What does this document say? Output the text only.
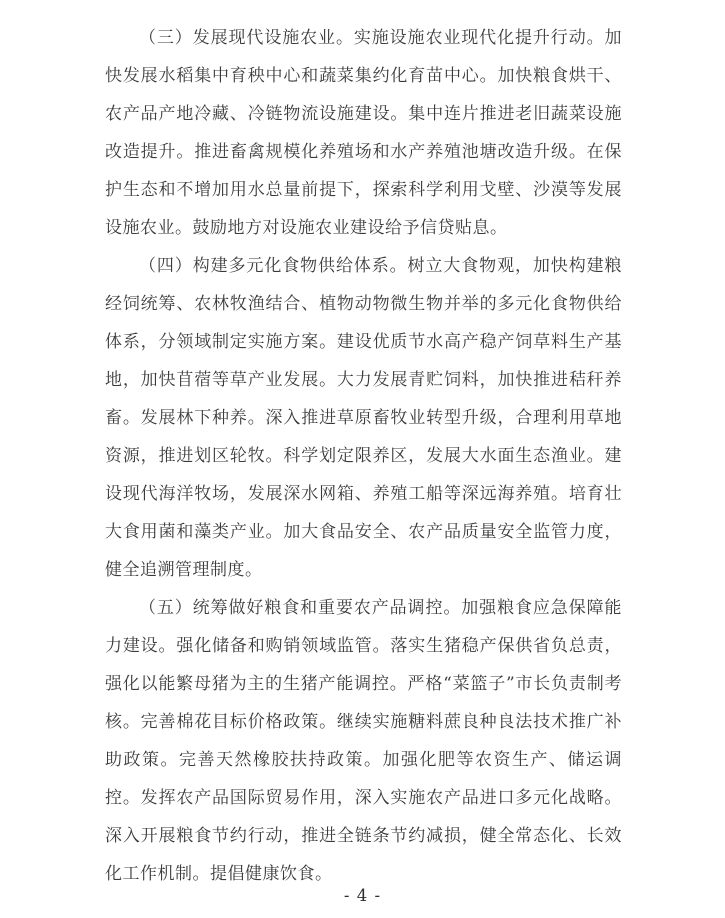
（三）发展现代设施农业。实施设施农业现代化提升行动。加快发展水稻集中育秧中心和蔬菜集约化育苗中心。加快粮食烘干、农产品产地冷藏、冷链物流设施建设。集中连片推进老旧蔬菜设施改造提升。推进畜禽规模化养殖场和水产养殖池塘改造升级。在保护生态和不增加用水总量前提下，探索科学利用戈壁、沙漠等发展设施农业。鼓励地方对设施农业建设给予信贷贴息。

（四）构建多元化食物供给体系。树立大食物观，加快构建粮经饲统筹、农林牧渔结合、植物动物微生物并举的多元化食物供给体系，分领域制定实施方案。建设优质节水高产稳产饲草料生产基地，加快苜蓿等草产业发展。大力发展青贮饲料，加快推进秸秆养畜。发展林下种养。深入推进草原畜牧业转型升级，合理利用草地资源，推进划区轮牧。科学划定限养区，发展大水面生态渔业。建设现代海洋牧场，发展深水网箱、养殖工船等深远海养殖。培育壮大食用菌和藻类产业。加大食品安全、农产品质量安全监管力度，健全追溯管理制度。

（五）统筹做好粮食和重要农产品调控。加强粮食应急保障能力建设。强化储备和购销领域监管。落实生猪稳产保供省负总责，强化以能繁母猪为主的生猪产能调控。严格“菜篮子”市长负责制考核。完善棉花目标价格政策。继续实施糖料蔗良种良法技术推广补助政策。完善天然橡胶扶持政策。加强化肥等农资生产、储运调控。发挥农产品国际贸易作用，深入实施农产品进口多元化战略。深入开展粮食节约行动，推进全链条节约减损，健全常态化、长效化工作机制。提倡健康饮食。

- 4 -
